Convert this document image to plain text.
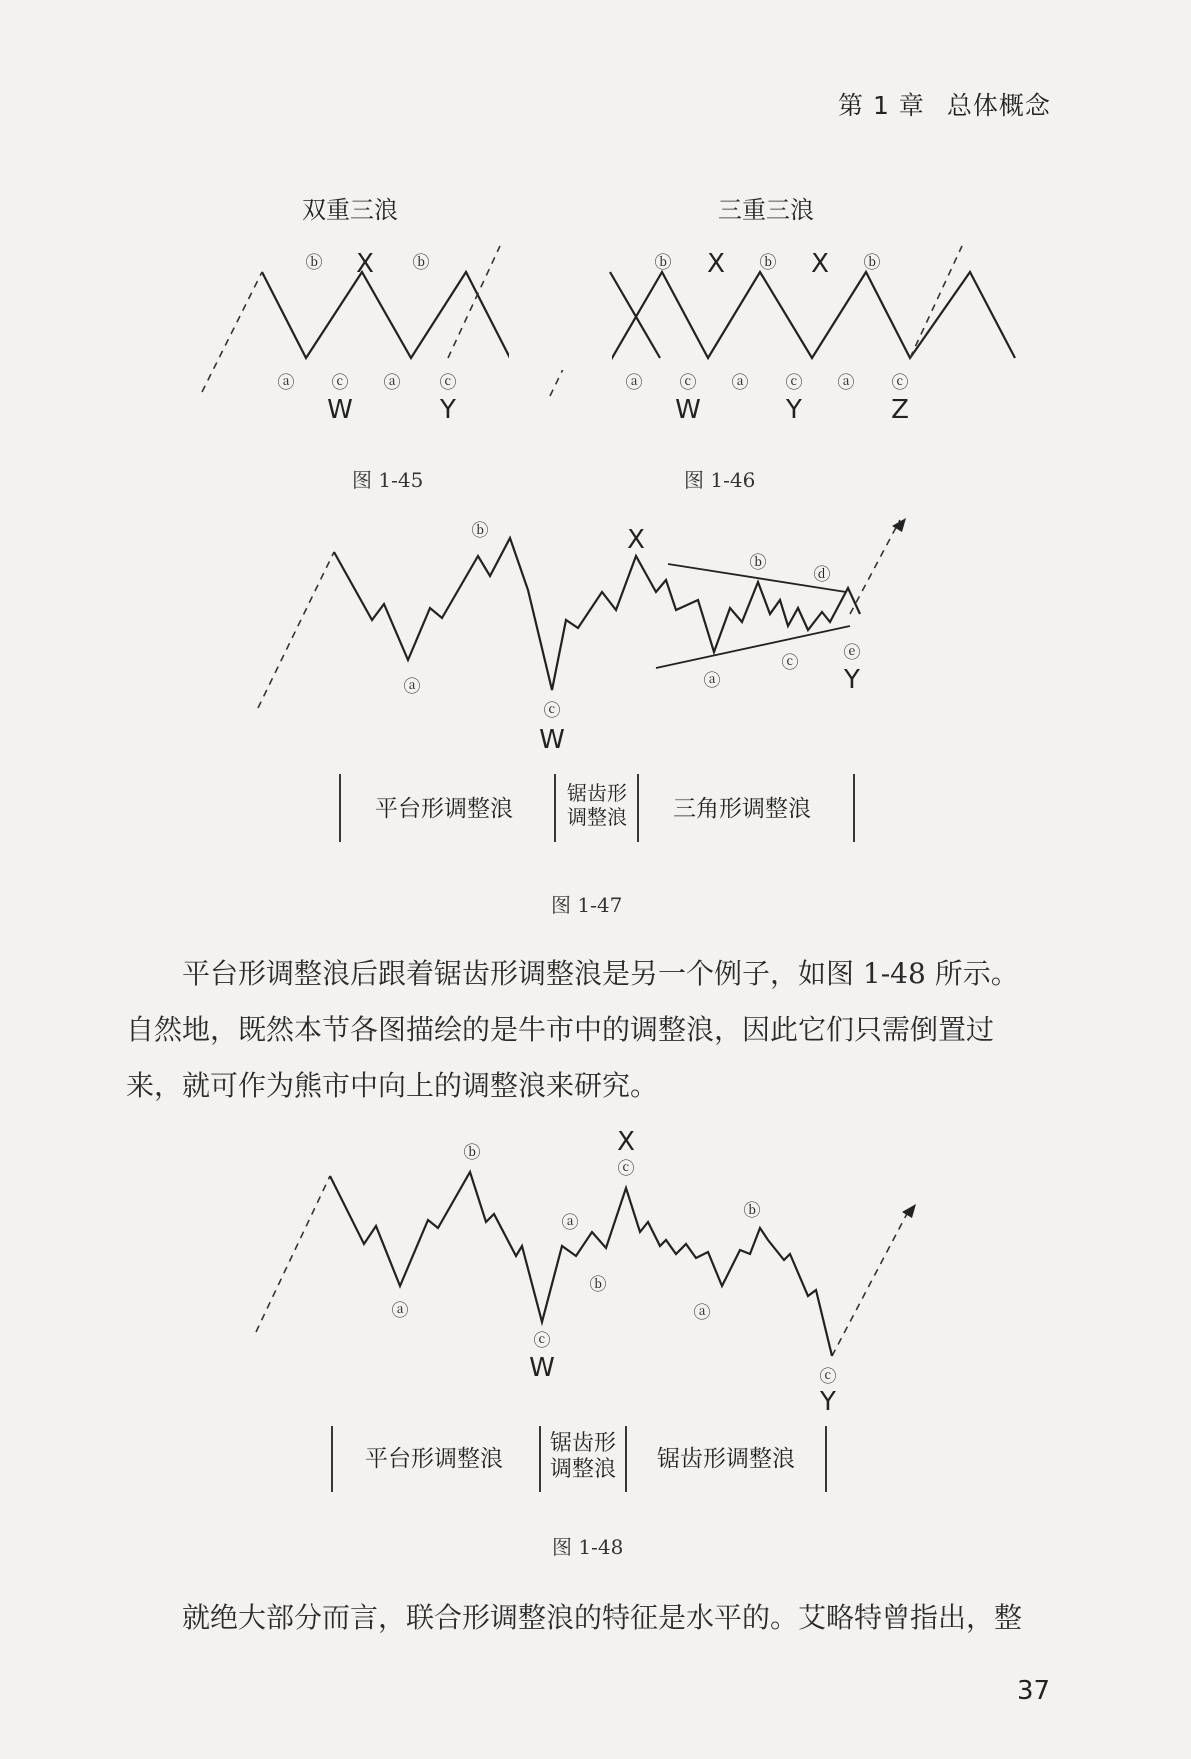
第 1 章 总体概念
双重三浪	三重三浪
ⓑ X ⓑ
ⓐ ⓒ ⓐ ⓒ
W	Y
ⓑ X ⓑ X ⓑ
ⓐ ⓒ ⓐ ⓒ ⓐ ⓒ
W	Y	Z
图 1-45	图 1-46
ⓑ	X
ⓑ
ⓓ
ⓐ
ⓒ
W
ⓐ
ⓒ	ⓔ
Y
平台形调整浪
锯齿形
调整浪 三角形调整浪
图 1-47
平台形调整浪后跟着锯齿形调整浪是另一个例子，如图 1-48 所示。
自然地，既然本节各图描绘的是牛市中的调整浪，因此它们只需倒置过
来，就可作为熊市中向上的调整浪来研究。
X
ⓒ
ⓑ
ⓐ
ⓑ
ⓐ
ⓒ
W
ⓑ
ⓐ
ⓒ
Y
平台形调整浪
锯齿形
调整浪 锯齿形调整浪
图 1-48
就绝大部分而言，联合形调整浪的特征是水平的。艾略特曾指出，整
37
